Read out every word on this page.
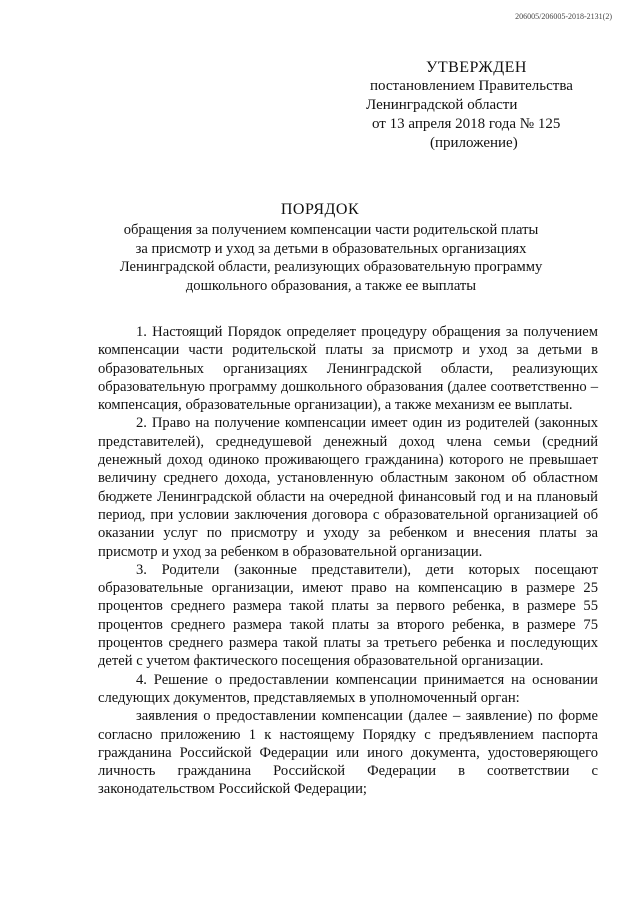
206005/206005-2018-2131(2)
УТВЕРЖДЕН
постановлением Правительства
Ленинградской области
от 13 апреля 2018 года № 125
(приложение)
ПОРЯДОК
обращения за получением компенсации части родительской платы
за присмотр и уход за детьми в образовательных организациях
Ленинградской области, реализующих образовательную программу
дошкольного образования, а также ее выплаты

1. Настоящий Порядок определяет процедуру обращения за получением компенсации части родительской платы за присмотр и уход за детьми в образовательных организациях Ленинградской области, реализующих образовательную программу дошкольного образования (далее соответственно – компенсация, образовательные организации), а также механизм ее выплаты.

2. Право на получение компенсации имеет один из родителей (законных представителей), среднедушевой денежный доход члена семьи (средний денежный доход одиноко проживающего гражданина) которого не превышает величину среднего дохода, установленную областным законом об областном бюджете Ленинградской области на очередной финансовый год и на плановый период, при условии заключения договора с образовательной организацией об оказании услуг по присмотру и уходу за ребенком и внесения платы за присмотр и уход за ребенком в образовательной организации.

3. Родители (законные представители), дети которых посещают образовательные организации, имеют право на компенсацию в размере 25 процентов среднего размера такой платы за первого ребенка, в размере 55 процентов среднего размера такой платы за второго ребенка, в размере 75 процентов среднего размера такой платы за третьего ребенка и последующих детей с учетом фактического посещения образовательной организации.

4. Решение о предоставлении компенсации принимается на основании следующих документов, представляемых в уполномоченный орган:

заявления о предоставлении компенсации (далее – заявление) по форме согласно приложению 1 к настоящему Порядку с предъявлением паспорта гражданина Российской Федерации или иного документа, удостоверяющего личность гражданина Российской Федерации в соответствии с законодательством Российской Федерации;
